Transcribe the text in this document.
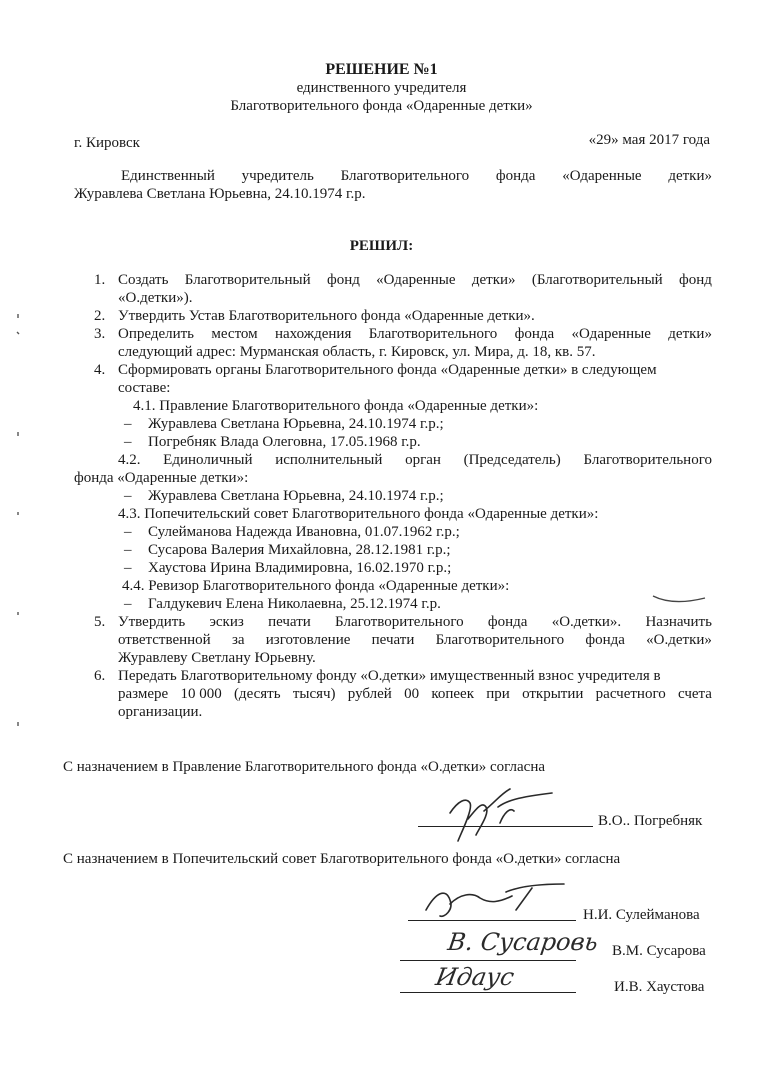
РЕШЕНИЕ №1
единственного учредителя
Благотворительного фонда «Одаренные детки»
г. Кировск	«29» мая 2017 года
Единственный учредитель Благотворительного фонда «Одаренные детки»
Журавлева Светлана Юрьевна, 24.10.1974 г.р.
РЕШИЛ:
1. Создать Благотворительный фонд «Одаренные детки» (Благотворительный фонд
«О.детки»).
2. Утвердить Устав Благотворительного фонда «Одаренные детки».
3. Определить местом нахождения Благотворительного фонда «Одаренные детки»
следующий адрес: Мурманская область, г. Кировск, ул. Мира, д. 18, кв. 57.
4. Сформировать органы Благотворительного фонда «Одаренные детки» в следующем
составе:
4.1. Правление Благотворительного фонда «Одаренные детки»:
– Журавлева Светлана Юрьевна, 24.10.1974 г.р.;
– Погребняк Влада Олеговна, 17.05.1968 г.р.
4.2. Единоличный исполнительный орган (Председатель) Благотворительного
фонда «Одаренные детки»:
– Журавлева Светлана Юрьевна, 24.10.1974 г.р.;
4.3. Попечительский совет Благотворительного фонда «Одаренные детки»:
– Сулейманова Надежда Ивановна, 01.07.1962 г.р.;
– Сусарова Валерия Михайловна, 28.12.1981 г.р.;
– Хаустова Ирина Владимировна, 16.02.1970 г.р.;
4.4. Ревизор Благотворительного фонда «Одаренные детки»:
– Галдукевич Елена Николаевна, 25.12.1974 г.р.
5. Утвердить эскиз печати Благотворительного фонда «О.детки». Назначить
ответственной за изготовление печати Благотворительного фонда «О.детки»
Журавлеву Светлану Юрьевну.
6. Передать Благотворительному фонду «О.детки» имущественный взнос учредителя в
размере 10 000 (десять тысяч) рублей 00 копеек при открытии расчетного счета
организации.
С назначением в Правление Благотворительного фонда «О.детки» согласна
В.О.. Погребняк
С назначением в Попечительский совет Благотворительного фонда «О.детки» согласна
Н.И. Сулейманова
В.М. Сусарова
В. Сусаровь
И.В. Хаустова
Идаус
